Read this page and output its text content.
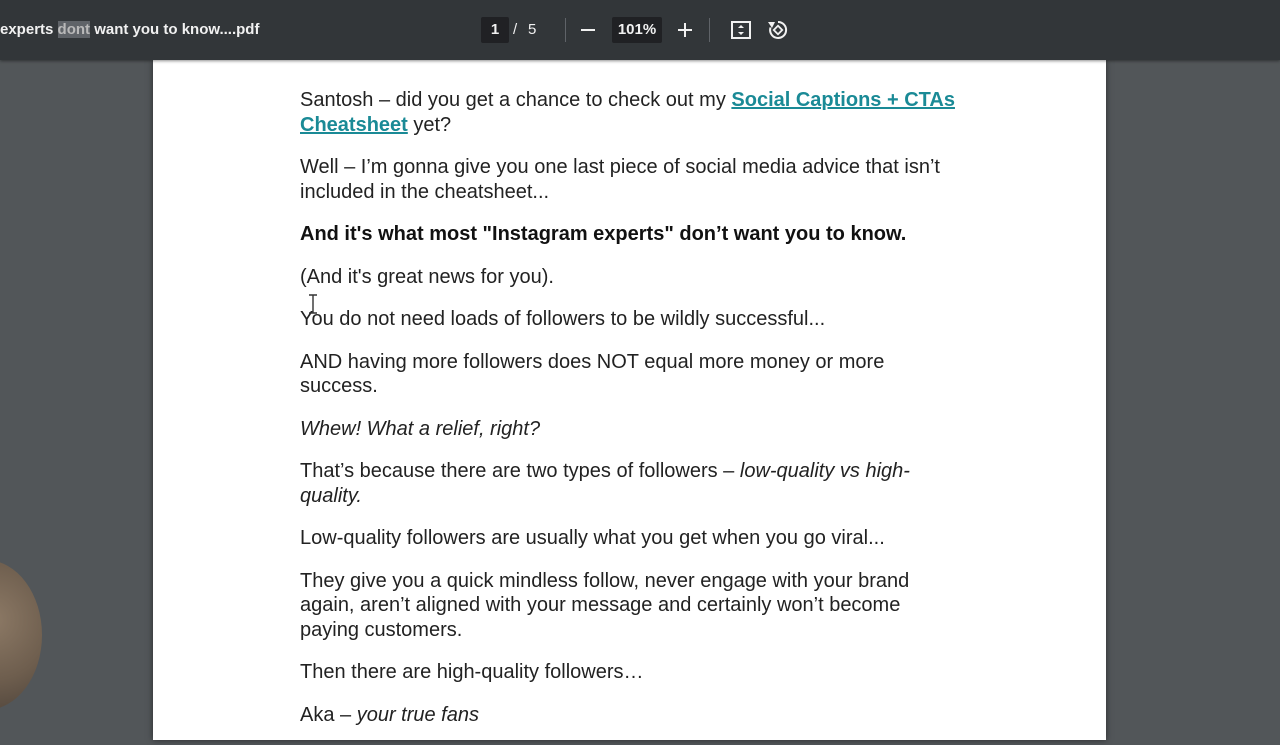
experts dont want you to know....pdf
1	/ 5
101%

Santosh – did you get a chance to check out my Social Captions + CTAs Cheatsheet yet?

Well – I’m gonna give you one last piece of social media advice that isn’t included in the cheatsheet...

And it's what most "Instagram experts" don’t want you to know.

(And it's great news for you).

You do not need loads of followers to be wildly successful...

AND having more followers does NOT equal more money or more success.

Whew! What a relief, right?

That’s because there are two types of followers – low-quality vs high-quality.

Low-quality followers are usually what you get when you go viral...

They give you a quick mindless follow, never engage with your brand again, aren’t aligned with your message and certainly won’t become paying customers.

Then there are high-quality followers…

Aka – your true fans
